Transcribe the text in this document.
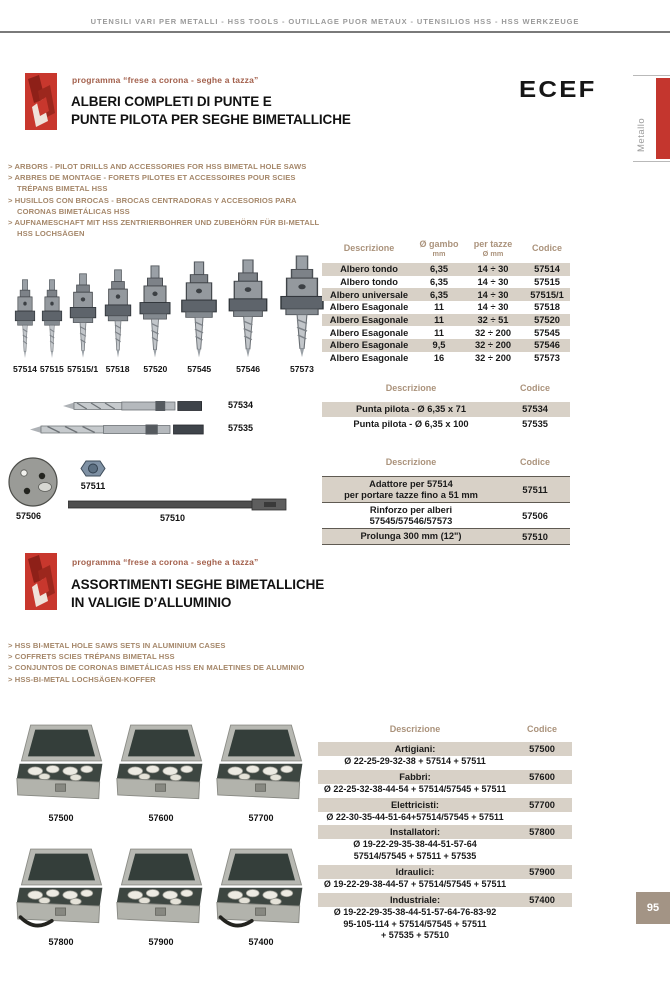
UTENSILI VARI PER METALLI - HSS TOOLS - OUTILLAGE PUOR METAUX - UTENSILIOS HSS - HSS WERKZEUGE
programma “frese a corona - seghe a tazza”
ALBERI COMPLETI DI PUNTE E
PUNTE PILOTA PER SEGHE BIMETALLICHE
ECEF
Metallo
> ARBORS - PILOT DRILLS AND ACCESSORIES FOR HSS BIMETAL HOLE SAWS
> ARBRES DE MONTAGE - FORETS PILOTES ET ACCESSOIRES POUR SCIES TRÉPANS BIMETAL HSS
> HUSILLOS CON BROCAS - BROCAS CENTRADORAS Y ACCESORIOS PARA CORONAS BIMETÁLICAS HSS
> AUFNAMESCHAFT MIT HSS ZENTRIERBOHRER UND ZUBEHÖRN FÜR BI-METALL HSS LOCHSÄGEN
57514 57515 57515/1 57518 57520 57545	57546	57573
Descrizione	Ø gambo
mm
per tazze
Ø mm	Codice
Albero tondo	6,35	14 ÷ 30	57514
Albero tondo	6,35	14 ÷ 30	57515
Albero universale	6,35	14 ÷ 30	57515/1
Albero Esagonale	11	14 ÷ 30	57518
Albero Esagonale	11	32 ÷ 51	57520
Albero Esagonale	11	32 ÷ 200	57545
Albero Esagonale	9,5	32 ÷ 200	57546
Albero Esagonale	16	32 ÷ 200	57573
Descrizione	Codice
Punta pilota - Ø 6,35 x 71	57534
Punta pilota - Ø 6,35 x 100	57535
Descrizione	Codice
Adattore per 57514
per portare tazze fino a 51 mm	57511
Rinforzo per alberi
57545/57546/57573	57506
Prolunga 300 mm (12")	57510
57534
57535
57511
57506	57510
programma “frese a corona - seghe a tazza”
ASSORTIMENTI SEGHE BIMETALLICHE
IN VALIGIE D’ALLUMINIO
> HSS BI-METAL HOLE SAWS SETS IN ALUMINIUM CASES
> COFFRETS SCIES TRÉPANS BIMETAL HSS
> CONJUNTOS DE CORONAS BIMETÁLICAS HSS EN MALETINES DE ALUMINIO
> HSS-BI-METAL LOCHSÄGEN-KOFFER
57500	57600	57700
57800	57900	57400
Descrizione	Codice
Artigiani:	57500
Ø 22-25-29-32-38 + 57514 + 57511
Fabbri:	57600
Ø 22-25-32-38-44-54 + 57514/57545 + 57511
Elettricisti:	57700
Ø 22-30-35-44-51-64+57514/57545 + 57511
Installatori:	57800
Ø 19-22-29-35-38-44-51-57-64
57514/57545 + 57511 + 57535
Idraulici:	57900
Ø 19-22-29-38-44-57 + 57514/57545 + 57511
Industriale:	57400
Ø 19-22-29-35-38-44-51-57-64-76-83-92
95-105-114 + 57514/57545 + 57511
+ 57535 + 57510
95
